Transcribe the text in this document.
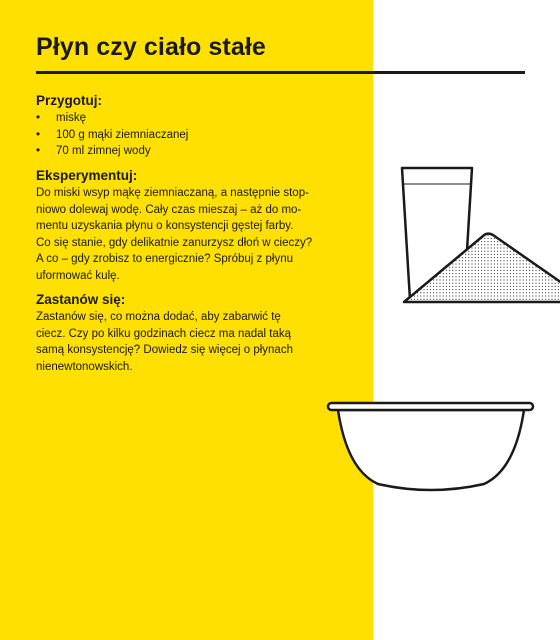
Płyn czy ciało stałe
Przygotuj:
• miskę
• 100 g mąki ziemniaczanej
• 70 ml zimnej wody
Eksperymentuj:
Do miski wsyp mąkę ziemniaczaną, a następnie stop-
niowo dolewaj wodę. Cały czas mieszaj – aż do mo-
mentu uzyskania płynu o konsystencji gęstej farby.
Co się stanie, gdy delikatnie zanurzysz dłoń w cieczy?
A co – gdy zrobisz to energicznie? Spróbuj z płynu
uformować kulę.
Zastanów się:
Zastanów się, co można dodać, aby zabarwić tę
ciecz. Czy po kilku godzinach ciecz ma nadal taką
samą konsystencję? Dowiedz się więcej o płynach
nienewtonowskich.
